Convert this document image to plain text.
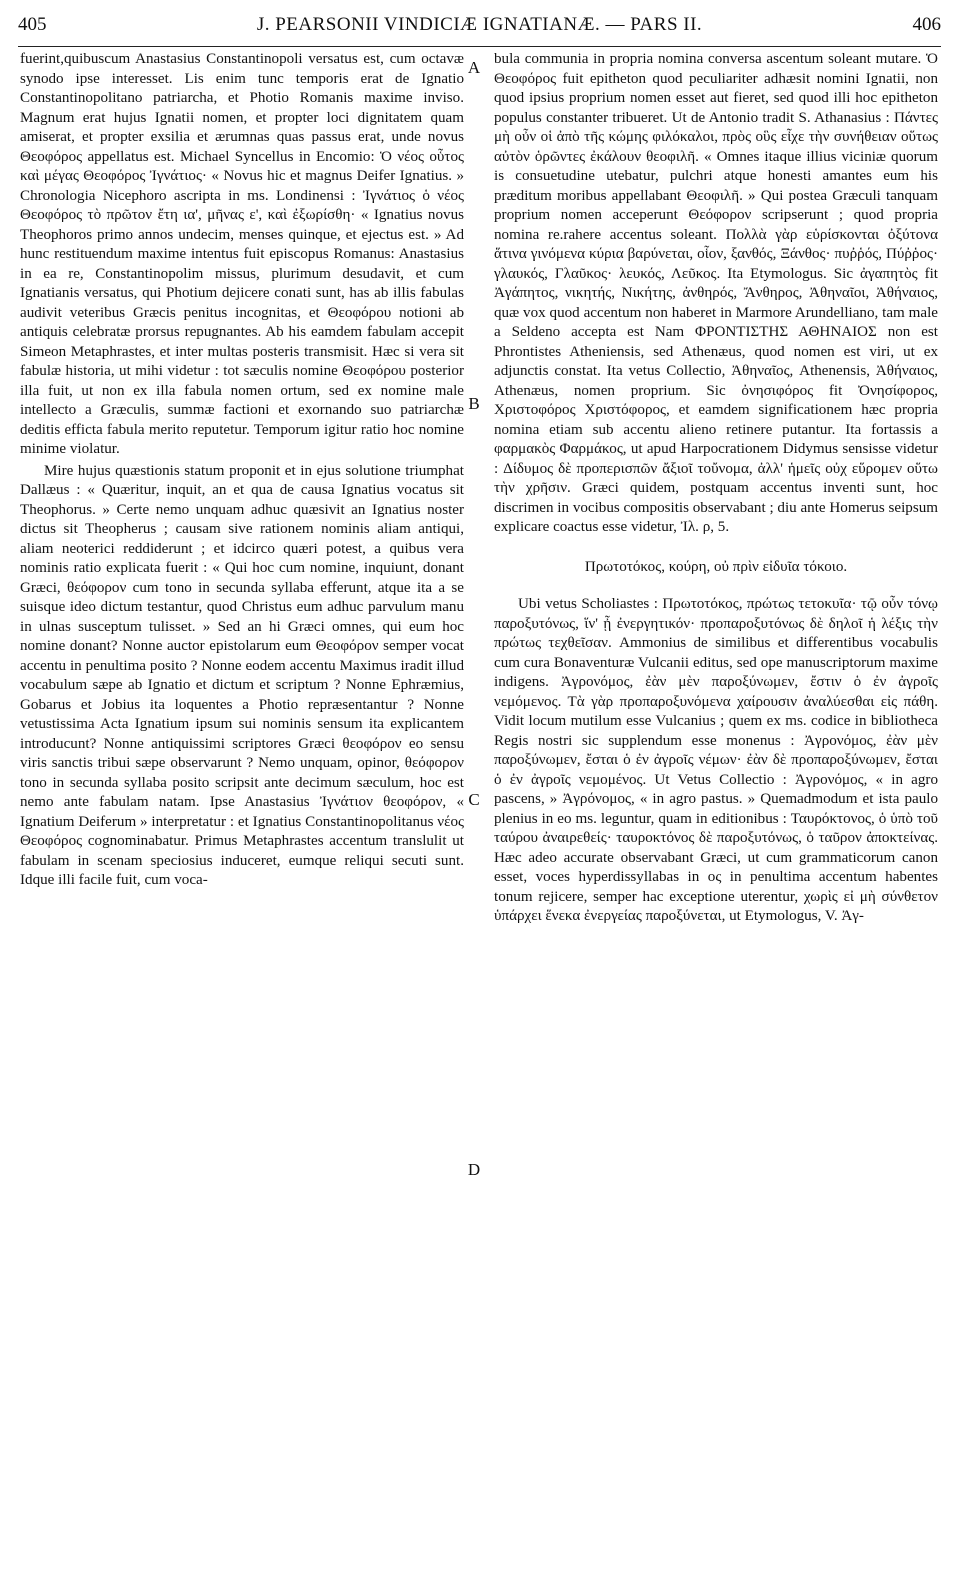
405	J. PEARSONII VINDICIÆ IGNATIANÆ. — PARS II.	406

fuerint,quibuscum Anastasius Constantinopoli versatus est, cum octavæ synodo ipse interesset. Lis enim tunc temporis erat de Ignatio Constantinopolitano patriarcha, et Photio Romanis maxime inviso. Magnum erat hujus Ignatii nomen, et propter loci dignitatem quam amiserat, et propter exsilia et ærumnas quas passus erat, unde novus Θεοφόρος appellatus est. Michael Syncellus in Encomio: Ὁ νέος οὗτος καὶ μέγας Θεοφόρος Ἰγνάτιος· « Novus hic et magnus Deifer Ignatius. » Chronologia Nicephoro ascripta in ms. Londinensi : Ἰγνάτιος ὁ νέος Θεοφόρος τὸ πρῶτον ἔτη ια', μῆνας ε', καὶ ἐξωρίσθη· « Ignatius novus Theophoros primo annos undecim, menses quinque, et ejectus est. » Ad hunc restituendum maxime intentus fuit episcopus Romanus: Anastasius in ea re, Constantinopolim missus, plurimum desudavit, et cum Ignatianis versatus, qui Photium dejicere conati sunt, has ab illis fabulas audivit veteribus Græcis penitus incognitas, et Θεοφόρου notioni ab antiquis celebratæ prorsus repugnantes. Ab his eamdem fabulam accepit Simeon Metaphrastes, et inter multas posteris transmisit. Hæc si vera sit fabulæ historia, ut mihi videtur : tot sæculis nomine Θεοφόρου posterior illa fuit, ut non ex illa fabula nomen ortum, sed ex nomine male intellecto a Græculis, summæ factioni et exornando suo patriarchæ deditis efficta fabula merito reputetur. Temporum igitur ratio hoc nomine minime violatur.

Mire hujus quæstionis statum proponit et in ejus solutione triumphat Dallæus : « Quæritur, inquit, an et qua de causa Ignatius vocatus sit Theophorus. » Certe nemo unquam adhuc quæsivit an Ignatius noster dictus sit Theopherus ; causam sive rationem nominis aliam antiqui, aliam neoterici reddiderunt ; et idcirco quæri potest, a quibus vera nominis ratio explicata fuerit : « Qui hoc cum nomine, inquiunt, donant Græci, θεόφορον cum tono in secunda syllaba efferunt, atque ita a se suisque ideo dictum testantur, quod Christus eum adhuc parvulum manu in ulnas susceptum tulisset. » Sed an hi Græci omnes, qui eum hoc nomine donant? Nonne auctor epistolarum eum Θεοφόρον semper vocat accentu in penultima posito ? Nonne eodem accentu Maximus iradit illud vocabulum sæpe ab Ignatio et dictum et scriptum ? Nonne Ephræmius, Gobarus et Jobius ita loquentes a Photio repræsentantur ? Nonne vetustissima Acta Ignatium ipsum sui nominis sensum ita explicantem introducunt? Nonne antiquissimi scriptores Græci θεοφόρον eo sensu viris sanctis tribui sæpe observarunt ? Nemo unquam, opinor, θεόφορον tono in secunda syllaba posito scripsit ante decimum sæculum, hoc est nemo ante fabulam natam. Ipse Anastasius Ἰγνάτιον θεοφόρον, « Ignatium Deiferum » interpretatur : et Ignatius Constantinopolitanus νέος Θεοφόρος cognominabatur. Primus Metaphrastes accentum translulit ut fabulam in scenam speciosius induceret, eumque reliqui secuti sunt. Idque illi facile fuit, cum voca-

A
B
C
D

bula communia in propria nomina conversa ascentum soleant mutare. Ὁ Θεοφόρος fuit epitheton quod peculiariter adhæsit nomini Ignatii, non quod ipsius proprium nomen esset aut fieret, sed quod illi hoc epitheton populus constanter tribueret. Ut de Antonio tradit S. Athanasius : Πάντες μὴ οὖν οἱ ἀπὸ τῆς κώμης φιλόκαλοι, πρὸς οὓς εἶχε τὴν συνήθειαν οὕτως αὐτὸν ὁρῶντες ἐκάλουν θεοφιλῆ. « Omnes itaque illius viciniæ quorum is consuetudine utebatur, pulchri atque honesti amantes eum his præditum moribus appellabant Θεοφιλῆ. » Qui postea Græculi tanquam proprium nomen acceperunt Θεόφορον scripserunt ; quod propria nomina re.rahere accentus soleant. Πολλὰ γὰρ εὑρίσκονται ὀξύτονα ἅτινα γινόμενα κύρια βαρύνεται, οἷον, ξανθός, Ξάνθος· πυῤῥός, Πύῤῥος· γλαυκός, Γλαῦκος· λευκός, Λεῦκος. Ita Etymologus. Sic ἀγαπητὸς fit Ἀγάπητος, νικητής, Νικήτης, ἀνθηρός, Ἄνθηρος, Ἀθηναῖοι, Ἀθήναιος, quæ vox quod accentum non haberet in Marmore Arundelliano, tam male a Seldeno accepta est Nam ΦΡΟΝΤΙΣΤΗΣ ΑΘΗΝΑΙΟΣ non est Phrontistes Atheniensis, sed Athenæus, quod nomen est viri, ut ex adjunctis constat. Ita vetus Collectio, Ἀθηναῖος, Athenensis, Ἀθήναιος, Athenæus, nomen proprium. Sic ὀνησιφόρος fit Ὀνησίφορος, Χριστοφόρος Χριστόφορος, et eamdem significationem hæc propria nomina etiam sub accentu alieno retinere putantur. Ita fortassis a φαρμακὸς Φαρμάκος, ut apud Harpocrationem Didymus sensisse videtur : Δίδυμος δὲ προπερισπῶν ἄξιοῖ τοὔνομα, ἀλλ' ἡμεῖς οὐχ εὕρομεν οὕτω τὴν χρῆσιν. Græci quidem, postquam accentus inventi sunt, hoc discrimen in vocibus compositis observabant ; diu ante Homerus seipsum explicare coactus esse videtur, Ἰλ. ρ, 5.

Πρωτοτόκος, κούρη, οὐ πρὶν εἰδυῖα τόκοιο.

Ubi vetus Scholiastes : Πρωτοτόκος, πρώτως τετοκυῖα· τῷ οὖν τόνῳ παροξυτόνως, ἵν' ᾖ ἐνεργητικόν· προπαροξυτόνως δὲ δηλοῖ ἡ λέξις τὴν πρώτως τεχθεῖσαν. Ammonius de similibus et differentibus vocabulis cum cura Bonaventuræ Vulcanii editus, sed ope manuscriptorum maxime indigens. Ἀγρονόμος, ἐὰν μὲν παροξύνωμεν, ἔστιν ὁ ἐν ἀγροῖς νεμόμενος. Τὰ γὰρ προπαροξυνόμενα χαίρουσιν ἀναλύεσθαι εἰς πάθη. Vidit locum mutilum esse Vulcanius ; quem ex ms. codice in bibliotheca Regis nostri sic supplendum esse monenus : Ἀγρονόμος, ἐὰν μὲν παροξύνωμεν, ἔσται ὁ ἐν ἀγροῖς νέμων· ἐὰν δὲ προπαροξύνωμεν, ἔσται ὁ ἐν ἀγροῖς νεμομένος. Ut Vetus Collectio : Ἀγρονόμος, « in agro pascens, » Ἀγρόνομος, « in agro pastus. » Quemadmodum et ista paulo plenius in eo ms. leguntur, quam in editionibus : Ταυρόκτονος, ὁ ὑπὸ τοῦ ταύρου ἀναιρεθείς· ταυροκτόνος δὲ παροξυτόνως, ὁ ταῦρον ἀποκτείνας. Hæc adeo accurate observabant Græci, ut cum grammaticorum canon esset, voces hyperdissyllabas in ος in penultima accentum habentes tonum rejicere, semper hac exceptione uterentur, χωρὶς εἰ μὴ σύνθετον ὑπάρχει ἕνεκα ἐνεργείας παροξύνεται, ut Etymologus, V. Ἀγ-
